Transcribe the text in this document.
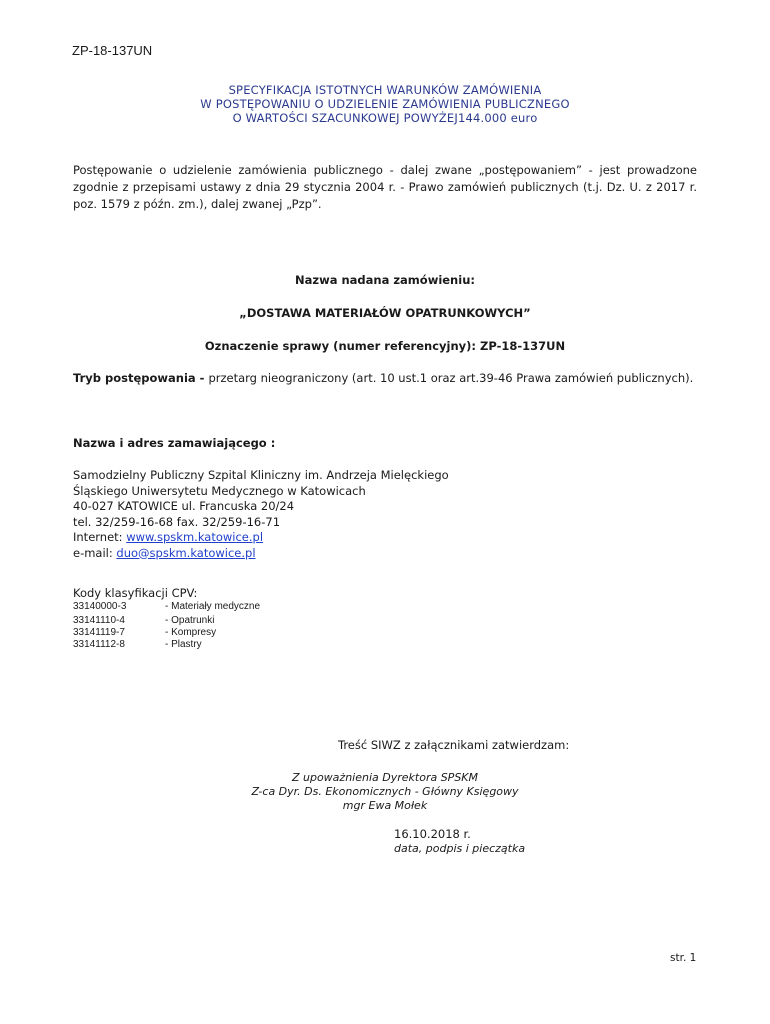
ZP-18-137UN
SPECYFIKACJA ISTOTNYCH WARUNKÓW ZAMÓWIENIA
W POSTĘPOWANIU O UDZIELENIE ZAMÓWIENIA PUBLICZNEGO
O WARTOŚCI SZACUNKOWEJ POWYŻEJ144.000 euro
Postępowanie o udzielenie zamówienia publicznego - dalej zwane „postępowaniem” - jest prowadzone zgodnie z przepisami ustawy z dnia 29 stycznia 2004 r. - Prawo zamówień publicznych (t.j. Dz. U. z 2017 r. poz. 1579 z późn. zm.), dalej zwanej „Pzp”.
Nazwa nadana zamówieniu:
„DOSTAWA MATERIAŁÓW OPATRUNKOWYCH”
Oznaczenie sprawy (numer referencyjny): ZP-18-137UN
Tryb postępowania - przetarg nieograniczony (art. 10 ust.1 oraz art.39-46 Prawa zamówień publicznych).
Nazwa i adres zamawiającego :
Samodzielny Publiczny Szpital Kliniczny im. Andrzeja Mielęckiego
Śląskiego Uniwersytetu Medycznego w Katowicach
40-027 KATOWICE ul. Francuska 20/24
tel. 32/259-16-68 fax. 32/259-16-71
Internet: www.spskm.katowice.pl
e-mail: duo@spskm.katowice.pl
Kody klasyfikacji CPV:
33140000-3	- Materiały medyczne
33141110-4	- Opatrunki
33141119-7	- Kompresy
33141112-8	- Plastry
Treść SIWZ z załącznikami zatwierdzam:
Z upoważnienia Dyrektora SPSKM
Z-ca Dyr. Ds. Ekonomicznych - Główny Księgowy
mgr Ewa Mołek
16.10.2018 r.
data, podpis i pieczątka
str. 1
